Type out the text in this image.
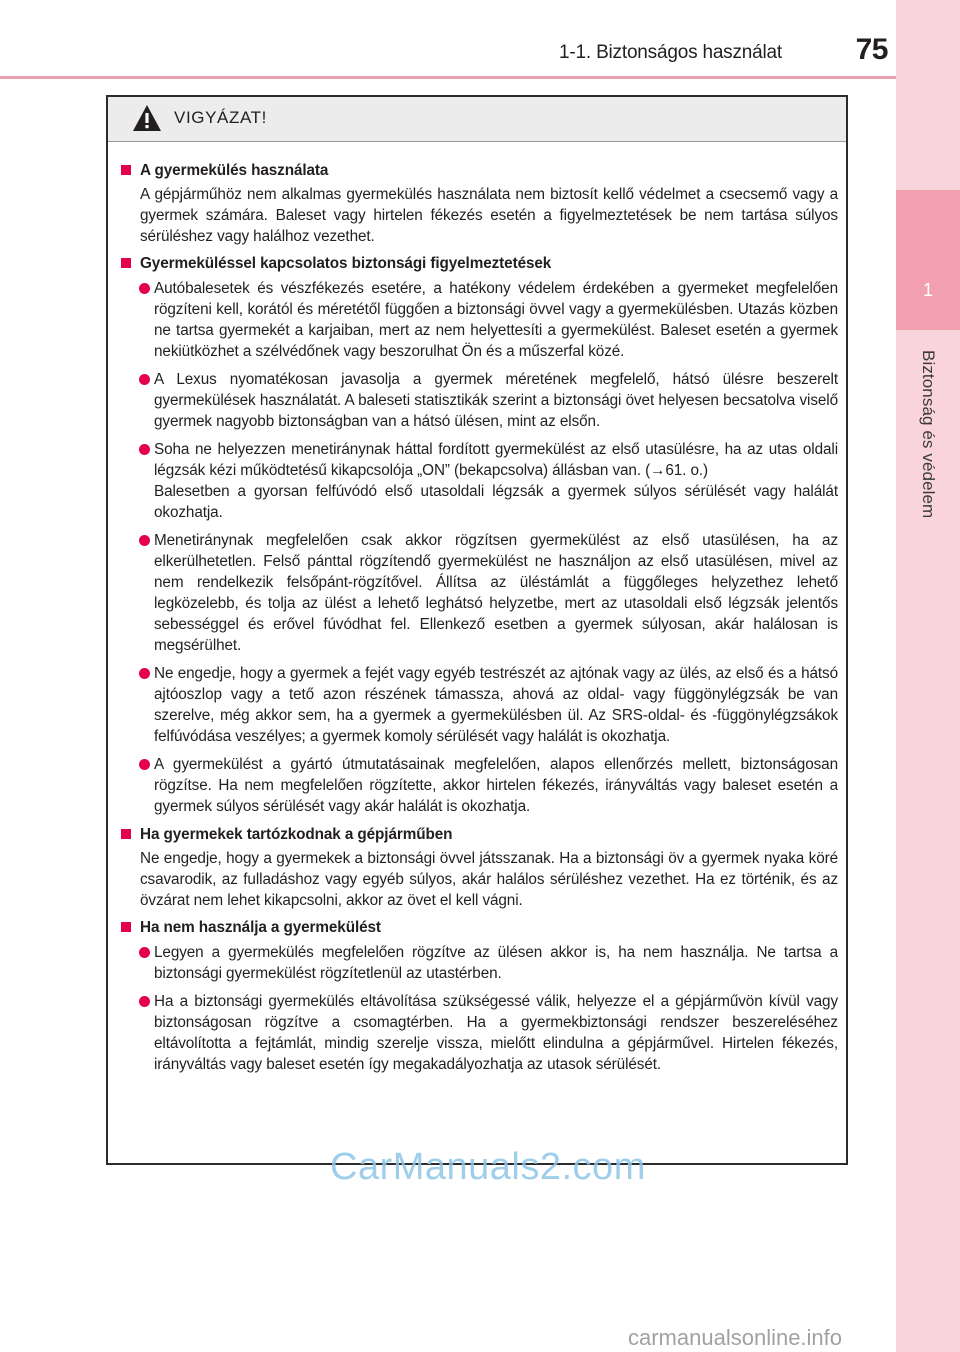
1-1. Biztonságos használat	75
1
Biztonság és védelem
VIGYÁZAT!
A gyermekülés használata
A gépjárműhöz nem alkalmas gyermekülés használata nem biztosít kellő védelmet a csecsemő vagy a gyermek számára. Baleset vagy hirtelen fékezés esetén a figyelmeztetések be nem tartása súlyos sérüléshez vagy halálhoz vezethet.
Gyermeküléssel kapcsolatos biztonsági figyelmeztetések
Autóbalesetek és vészfékezés esetére, a hatékony védelem érdekében a gyermeket megfelelően rögzíteni kell, korától és méretétől függően a biztonsági övvel vagy a gyermekülésben. Utazás közben ne tartsa gyermekét a karjaiban, mert az nem helyettesíti a gyermekülést. Baleset esetén a gyermek nekiütközhet a szélvédőnek vagy beszorulhat Ön és a műszerfal közé.
A Lexus nyomatékosan javasolja a gyermek méretének megfelelő, hátsó ülésre beszerelt gyermekülések használatát. A baleseti statisztikák szerint a biztonsági övet helyesen becsatolva viselő gyermek nagyobb biztonságban van a hátsó ülésen, mint az elsőn.
Soha ne helyezzen menetiránynak háttal fordított gyermekülést az első utasülésre, ha az utas oldali légzsák kézi működtetésű kikapcsolója „ON” (bekapcsolva) állásban van. (→61. o.)
Balesetben a gyorsan felfúvódó első utasoldali légzsák a gyermek súlyos sérülését vagy halálát okozhatja.
Menetiránynak megfelelően csak akkor rögzítsen gyermekülést az első utasülésen, ha az elkerülhetetlen. Felső pánttal rögzítendő gyermekülést ne használjon az első utasülésen, mivel az nem rendelkezik felsőpánt-rögzítővel. Állítsa az üléstámlát a függőleges helyzethez lehető legközelebb, és tolja az ülést a lehető leghátsó helyzetbe, mert az utasoldali első légzsák jelentős sebességgel és erővel fúvódhat fel. Ellenkező esetben a gyermek súlyosan, akár halálosan is megsérülhet.
Ne engedje, hogy a gyermek a fejét vagy egyéb testrészét az ajtónak vagy az ülés, az első és a hátsó ajtóoszlop vagy a tető azon részének támassza, ahová az oldal- vagy függönylégzsák be van szerelve, még akkor sem, ha a gyermek a gyermekülésben ül. Az SRS-oldal- és -függönylégzsákok felfúvódása veszélyes; a gyermek komoly sérülését vagy halálát is okozhatja.
A gyermekülést a gyártó útmutatásainak megfelelően, alapos ellenőrzés mellett, biztonságosan rögzítse. Ha nem megfelelően rögzítette, akkor hirtelen fékezés, irányváltás vagy baleset esetén a gyermek súlyos sérülését vagy akár halálát is okozhatja.
Ha gyermekek tartózkodnak a gépjárműben
Ne engedje, hogy a gyermekek a biztonsági övvel játsszanak. Ha a biztonsági öv a gyermek nyaka köré csavarodik, az fulladáshoz vagy egyéb súlyos, akár halálos sérüléshez vezethet. Ha ez történik, és az övzárat nem lehet kikapcsolni, akkor az övet el kell vágni.
Ha nem használja a gyermekülést
Legyen a gyermekülés megfelelően rögzítve az ülésen akkor is, ha nem használja. Ne tartsa a biztonsági gyermekülést rögzítetlenül az utastérben.
Ha a biztonsági gyermekülés eltávolítása szükségessé válik, helyezze el a gépjárművön kívül vagy biztonságosan rögzítve a csomagtérben. Ha a gyermekbiztonsági rendszer beszereléséhez eltávolította a fejtámlát, mindig szerelje vissza, mielőtt elindulna a gépjárművel. Hirtelen fékezés, irányváltás vagy baleset esetén így megakadályozhatja az utasok sérülését.
CarManuals2.com
carmanualsonline.info
